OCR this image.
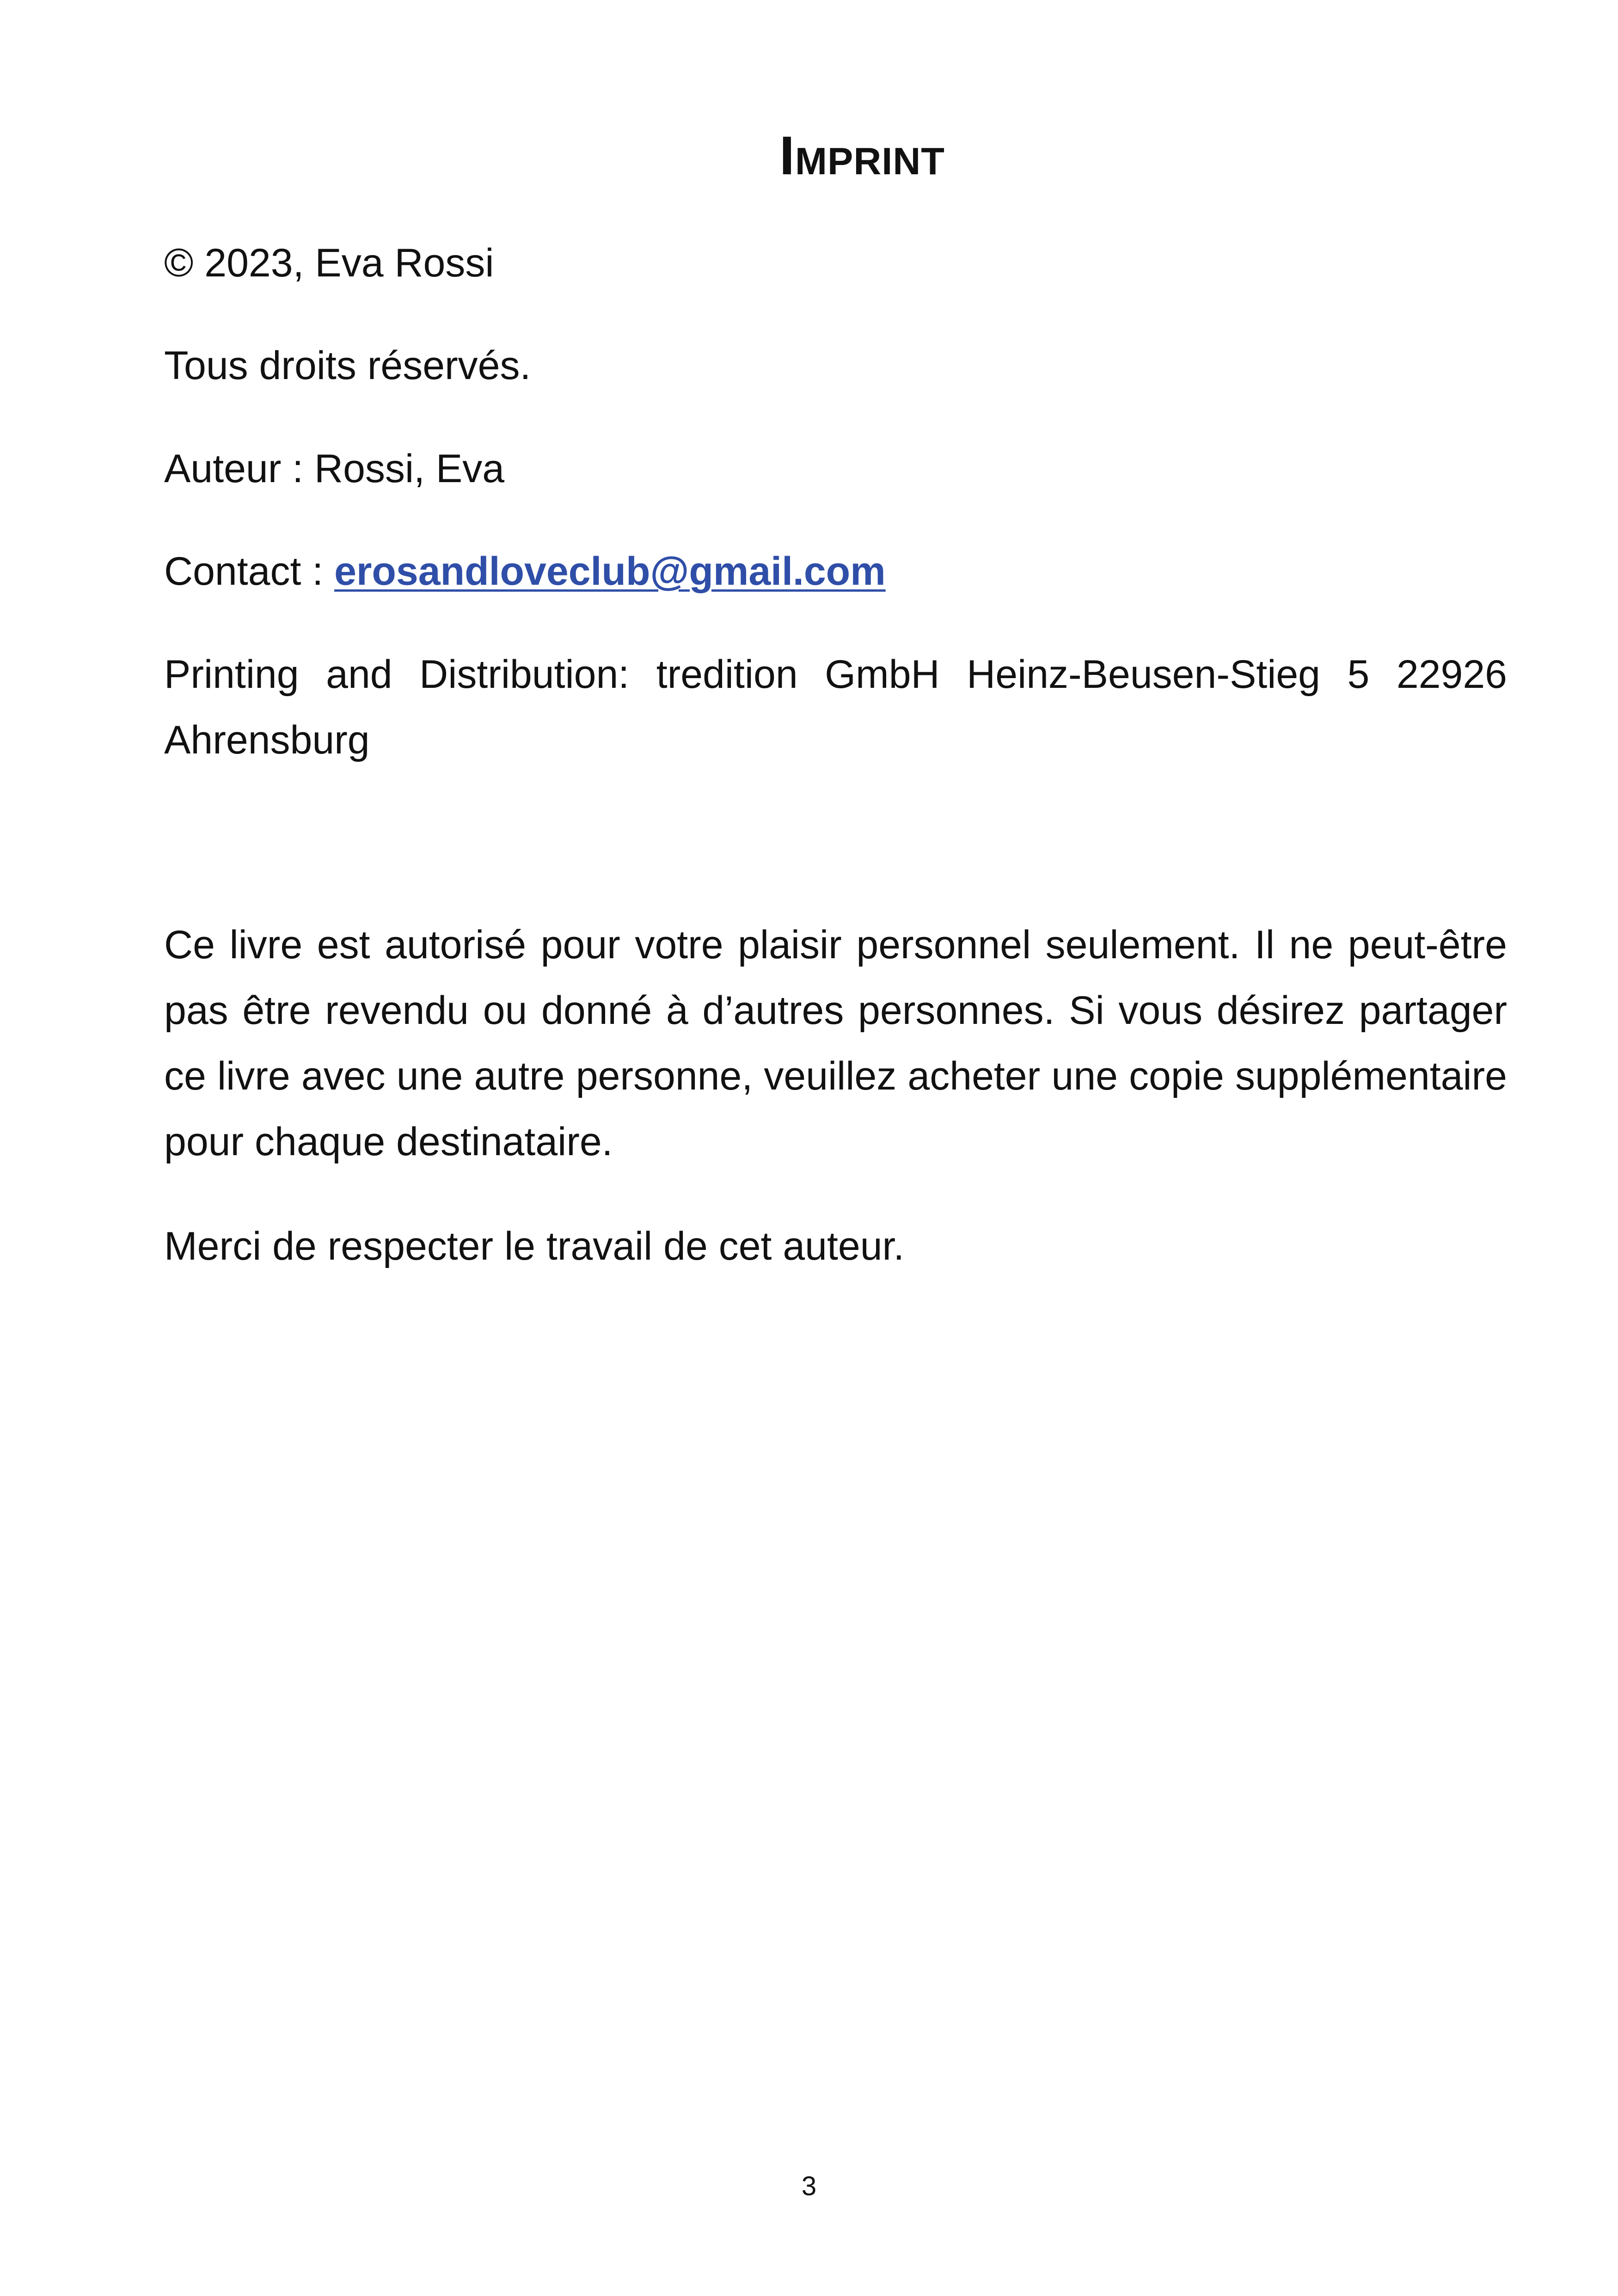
Imprint

© 2023, Eva Rossi

Tous droits réservés.

Auteur : Rossi, Eva

Contact : erosandloveclub@gmail.com

Printing and Distribution: tredition GmbH Heinz-Beusen-Stieg 5 22926 Ahrensburg

Ce livre est autorisé pour votre plaisir personnel seulement. Il ne peut-être pas être revendu ou donné à d’autres personnes. Si vous désirez partager ce livre avec une autre personne, veuillez acheter une copie supplémentaire pour chaque destinataire.

Merci de respecter le travail de cet auteur.

3
